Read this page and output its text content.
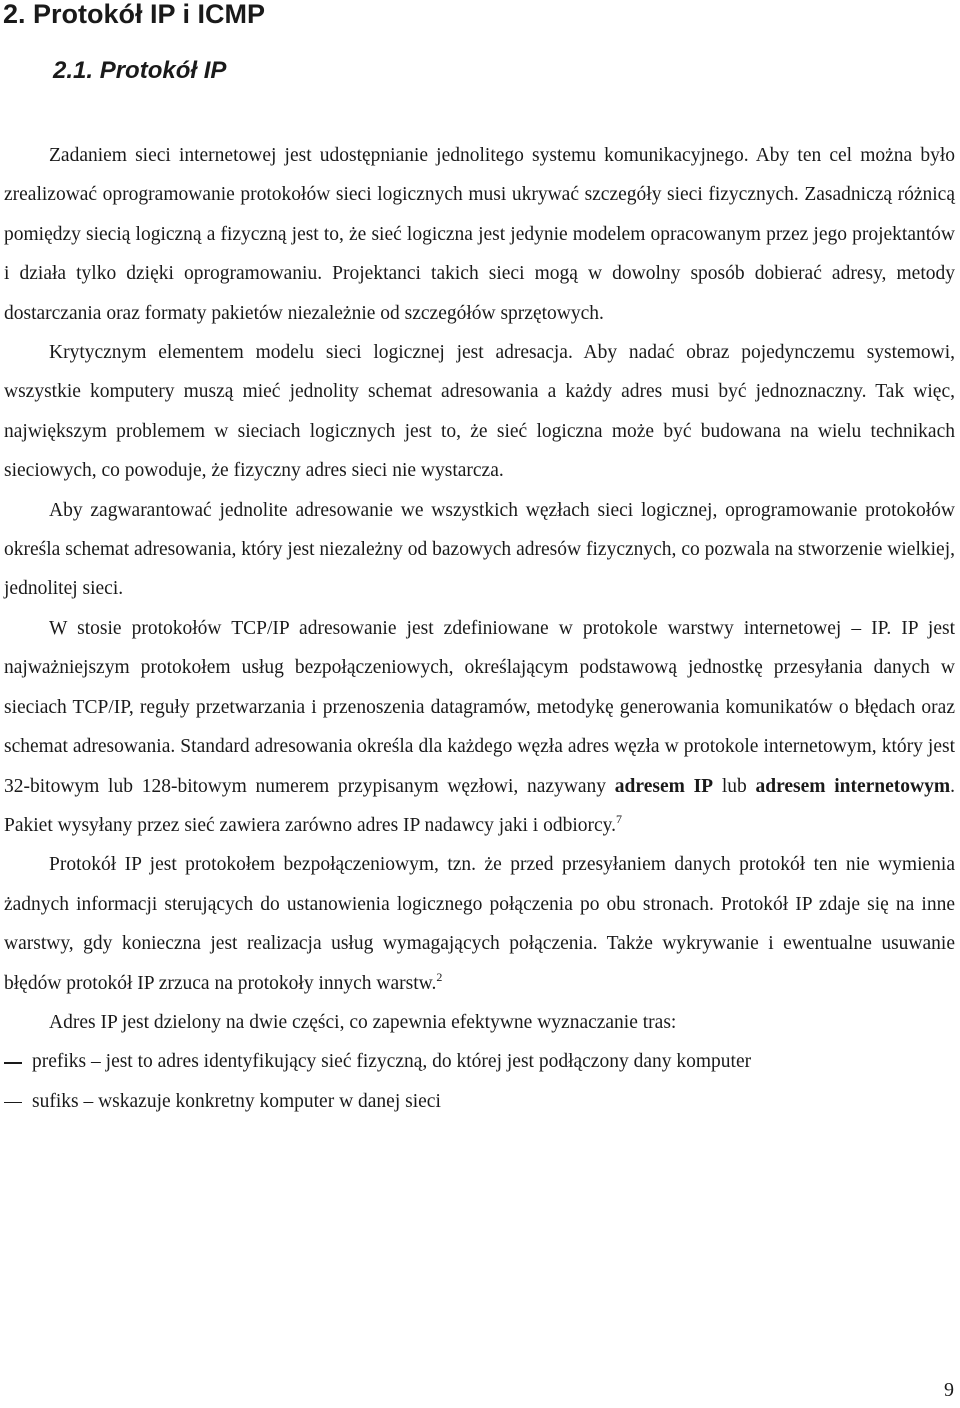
2. Protokół IP i ICMP
2.1. Protokół IP

Zadaniem sieci internetowej jest udostępnianie jednolitego systemu komunikacyjnego. Aby ten cel można było zrealizować oprogramowanie protokołów sieci logicznych musi ukrywać szczegóły sieci fizycznych. Zasadniczą różnicą pomiędzy siecią logiczną a fizyczną jest to, że sieć logiczna jest jedynie modelem opracowanym przez jego projektantów i działa tylko dzięki oprogramowaniu. Projektanci takich sieci mogą w dowolny sposób dobierać adresy, metody dostarczania oraz formaty pakietów niezależnie od szczegółów sprzętowych.

Krytycznym elementem modelu sieci logicznej jest adresacja. Aby nadać obraz pojedynczemu systemowi, wszystkie komputery muszą mieć jednolity schemat adresowania a każdy adres musi być jednoznaczny. Tak więc, największym problemem w sieciach logicznych jest to, że sieć logiczna może być budowana na wielu technikach sieciowych, co powoduje, że fizyczny adres sieci nie wystarcza.

Aby zagwarantować jednolite adresowanie we wszystkich węzłach sieci logicznej, oprogramowanie protokołów określa schemat adresowania, który jest niezależny od bazowych adresów fizycznych, co pozwala na stworzenie wielkiej, jednolitej sieci.

W stosie protokołów TCP/IP adresowanie jest zdefiniowane w protokole warstwy internetowej – IP. IP jest najważniejszym protokołem usług bezpołączeniowych, określającym podstawową jednostkę przesyłania danych w sieciach TCP/IP, reguły przetwarzania i przenoszenia datagramów, metodykę generowania komunikatów o błędach oraz schemat adresowania. Standard adresowania określa dla każdego węzła adres węzła w protokole internetowym, który jest 32-bitowym lub 128-bitowym numerem przypisanym węzłowi, nazywany adresem IP lub adresem internetowym. Pakiet wysyłany przez sieć zawiera zarówno adres IP nadawcy jaki i odbiorcy.$^7$

Protokół IP jest protokołem bezpołączeniowym, tzn. że przed przesyłaniem danych protokół ten nie wymienia żadnych informacji sterujących do ustanowienia logicznego połączenia po obu stronach. Protokół IP zdaje się na inne warstwy, gdy konieczna jest realizacja usług wymagających połączenia. Także wykrywanie i ewentualne usuwanie błędów protokół IP zrzuca na protokoły innych warstw.$^2$

Adres IP jest dzielony na dwie części, co zapewnia efektywne wyznaczanie tras:

prefiks – jest to adres identyfikujący sieć fizyczną, do której jest podłączony dany komputer
sufiks – wskazuje konkretny komputer w danej sieci
9
